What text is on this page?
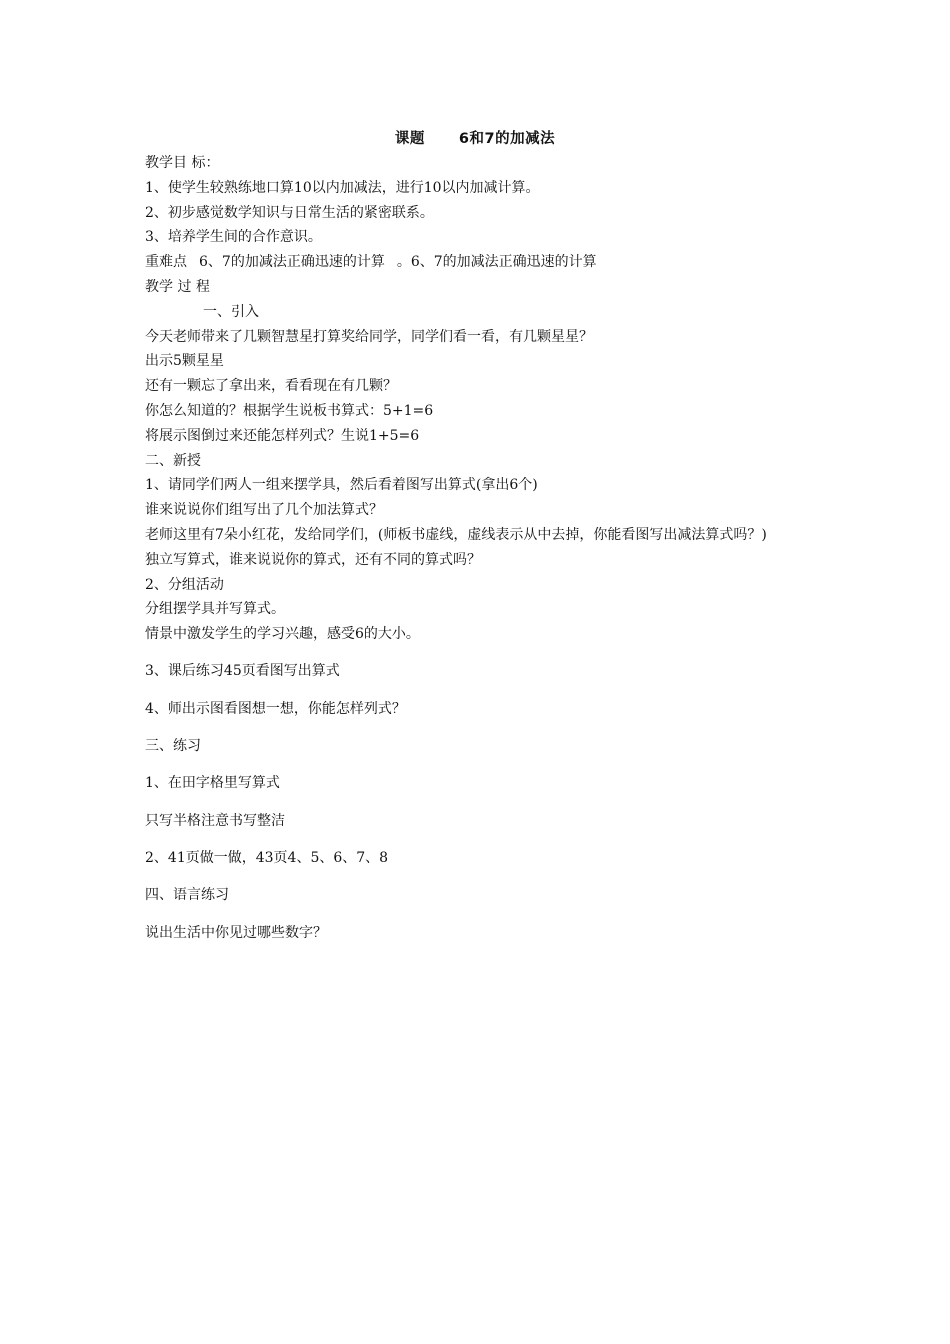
课题 6和7的加减法
教学目 标：
1、使学生较熟练地口算10以内加减法，进行10以内加减计算。
2、初步感觉数学知识与日常生活的紧密联系。
3、培养学生间的合作意识。
重难点 6、7的加减法正确迅速的计算 。6、7的加减法正确迅速的计算
教学 过 程
一、引入
今天老师带来了几颗智慧星打算奖给同学，同学们看一看，有几颗星星？
出示5颗星星
还有一颗忘了拿出来，看看现在有几颗？
你怎么知道的？根据学生说板书算式：5+1=6
将展示图倒过来还能怎样列式？生说1+5=6
二、新授
1、请同学们两人一组来摆学具，然后看着图写出算式(拿出6个)
谁来说说你们组写出了几个加法算式？
老师这里有7朵小红花，发给同学们，(师板书虚线，虚线表示从中去掉，你能看图写出减法算式吗？)
独立写算式，谁来说说你的算式，还有不同的算式吗？
2、分组活动
分组摆学具并写算式。
情景中激发学生的学习兴趣，感受6的大小。
3、课后练习45页看图写出算式
4、师出示图看图想一想，你能怎样列式？
三、练习
1、在田字格里写算式
只写半格注意书写整洁
2、41页做一做，43页4、5、6、7、8
四、语言练习
说出生活中你见过哪些数字？
